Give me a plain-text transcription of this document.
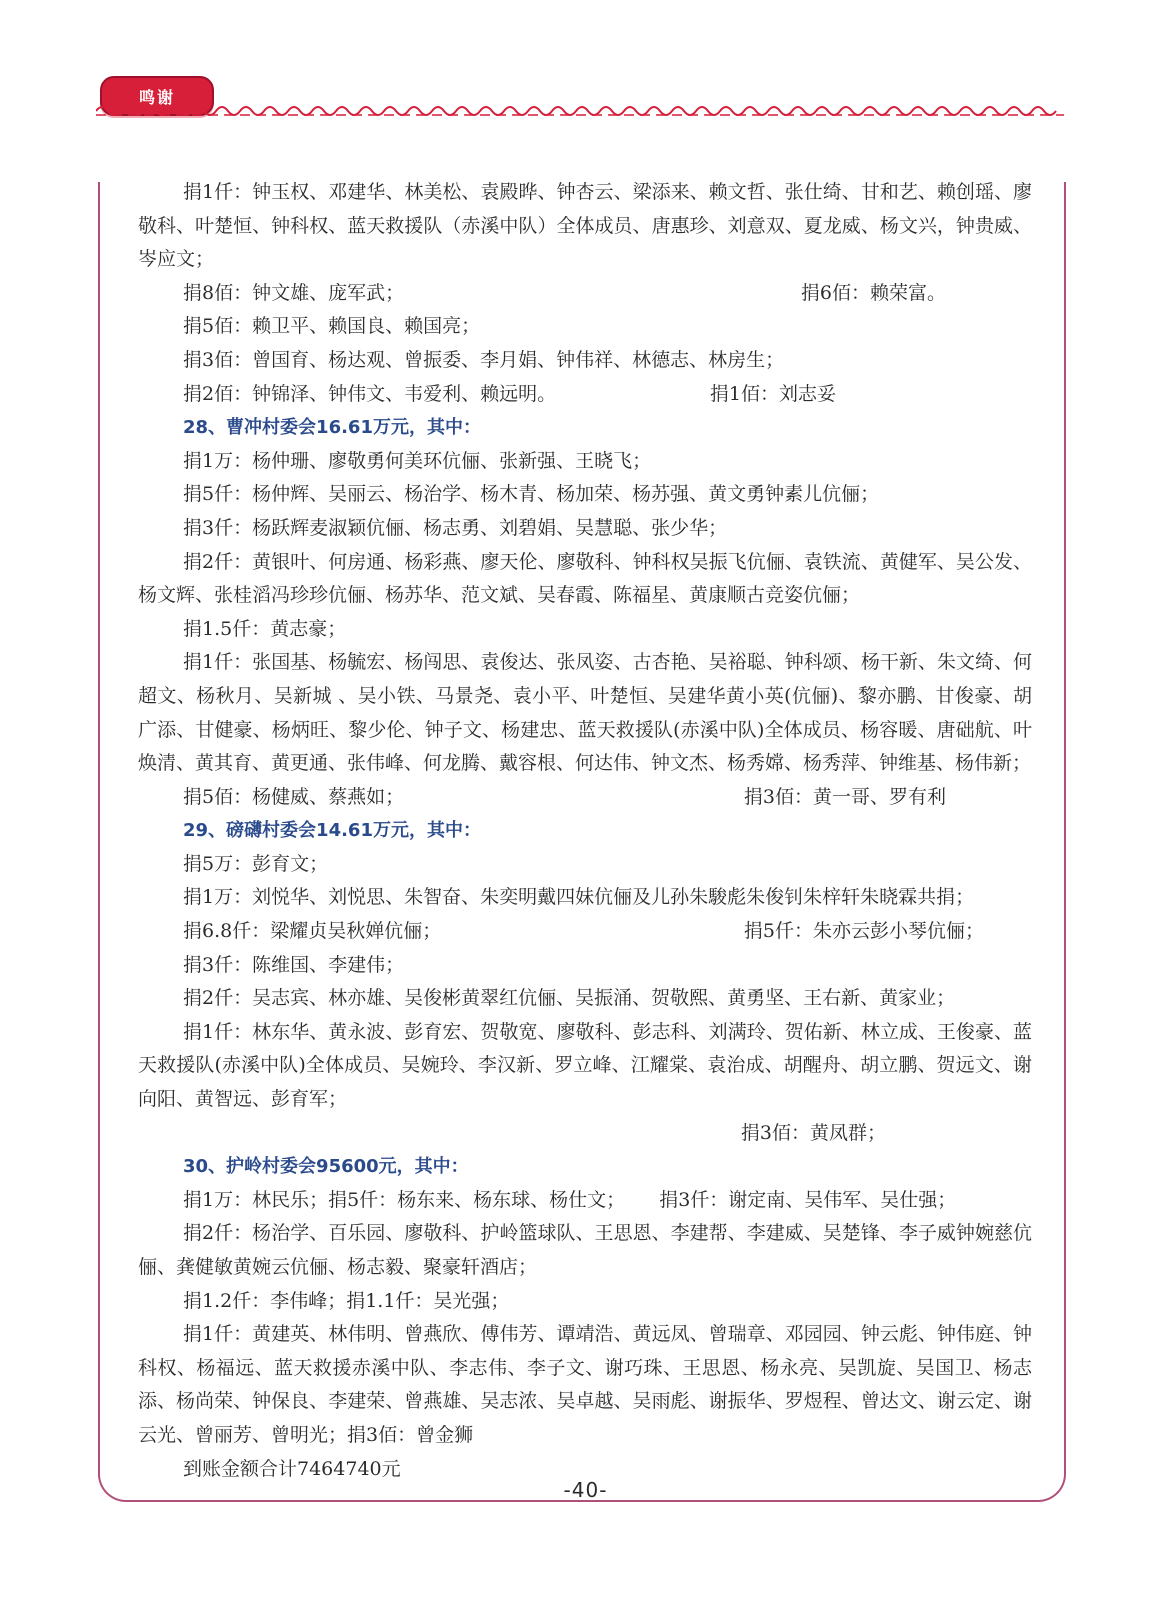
鸣谢

捐1仟：钟玉权、邓建华、林美松、袁殿晔、钟杏云、梁添来、赖文哲、张仕绮、甘和艺、赖创瑶、廖敬科、叶楚恒、钟科权、蓝天救援队（赤溪中队）全体成员、唐惠珍、刘意双、夏龙威、杨文兴，钟贵威、岑应文；

捐8佰：钟文雄、庞军武；	捐6佰：赖荣富。

捐5佰：赖卫平、赖国良、赖国亮；

捐3佰：曾国育、杨达观、曾振委、李月娟、钟伟祥、林德志、林房生；

捐2佰：钟锦泽、钟伟文、韦爱利、赖远明。	捐1佰：刘志妥

28、曹冲村委会16.61万元，其中：

捐1万：杨仲珊、廖敬勇何美环伉俪、张新强、王晓飞；

捐5仟：杨仲辉、吴丽云、杨治学、杨木青、杨加荣、杨苏强、黄文勇钟素儿伉俪；

捐3仟：杨跃辉麦淑颖伉俪、杨志勇、刘碧娟、吴慧聪、张少华；

捐2仟：黄银叶、何房通、杨彩燕、廖天伦、廖敬科、钟科权吴振飞伉俪、袁铁流、黄健军、吴公发、杨文辉、张桂滔冯珍珍伉俪、杨苏华、范文斌、吴春霞、陈福星、黄康顺古竞姿伉俪；

捐1.5仟：黄志豪；

捐1仟：张国基、杨毓宏、杨闯思、袁俊达、张凤姿、古杏艳、吴裕聪、钟科颂、杨干新、朱文绮、何超文、杨秋月、吴新城 、吴小铁、马景尧、袁小平、叶楚恒、吴建华黄小英(伉俪)、黎亦鹏、甘俊豪、胡广添、甘健豪、杨炳旺、黎少伦、钟子文、杨建忠、蓝天救援队(赤溪中队)全体成员、杨容暖、唐础航、叶焕清、黄其育、黄更通、张伟峰、何龙腾、戴容根、何达伟、钟文杰、杨秀嫦、杨秀萍、钟维基、杨伟新；

捐5佰：杨健威、蔡燕如；	捐3佰：黄一哥、罗有利

29、磅礴村委会14.61万元，其中：

捐5万：彭育文；

捐1万：刘悦华、刘悦思、朱智奋、朱奕明戴四妹伉俪及儿孙朱駿彪朱俊钊朱梓轩朱晓霖共捐；

捐6.8仟：梁耀贞吴秋婵伉俪；	捐5仟：朱亦云彭小琴伉俪；

捐3仟：陈维国、李建伟；

捐2仟：吴志宾、林亦雄、吴俊彬黄翠红伉俪、吴振涌、贺敬熙、黄勇坚、王右新、黄家业；

捐1仟：林东华、黄永波、彭育宏、贺敬宽、廖敬科、彭志科、刘满玲、贺佑新、林立成、王俊豪、蓝天救援队(赤溪中队)全体成员、吴婉玲、李汉新、罗立峰、江耀棠、袁治成、胡醒舟、胡立鹏、贺远文、谢向阳、黄智远、彭育军；

捐3佰：黄凤群；

30、护岭村委会95600元，其中：

捐1万：林民乐；捐5仟：杨东来、杨东球、杨仕文； 捐3仟：谢定南、吴伟军、吴仕强；

捐2仟：杨治学、百乐园、廖敬科、护岭篮球队、王思恩、李建帮、李建威、吴楚锋、李子威钟婉慈伉俪、龚健敏黄婉云伉俪、杨志毅、聚豪轩酒店；

捐1.2仟：李伟峰；捐1.1仟：吴光强；

捐1仟：黄建英、林伟明、曾燕欣、傅伟芳、谭靖浩、黄远凤、曾瑞章、邓园园、钟云彪、钟伟庭、钟科权、杨福远、蓝天救援赤溪中队、李志伟、李子文、谢巧珠、王思恩、杨永亮、吴凯旋、吴国卫、杨志添、杨尚荣、钟保良、李建荣、曾燕雄、吴志浓、吴卓越、吴雨彪、谢振华、罗煜程、曾达文、谢云定、谢云光、曾丽芳、曾明光；捐3佰：曾金狮

到账金额合计7464740元

-40-
